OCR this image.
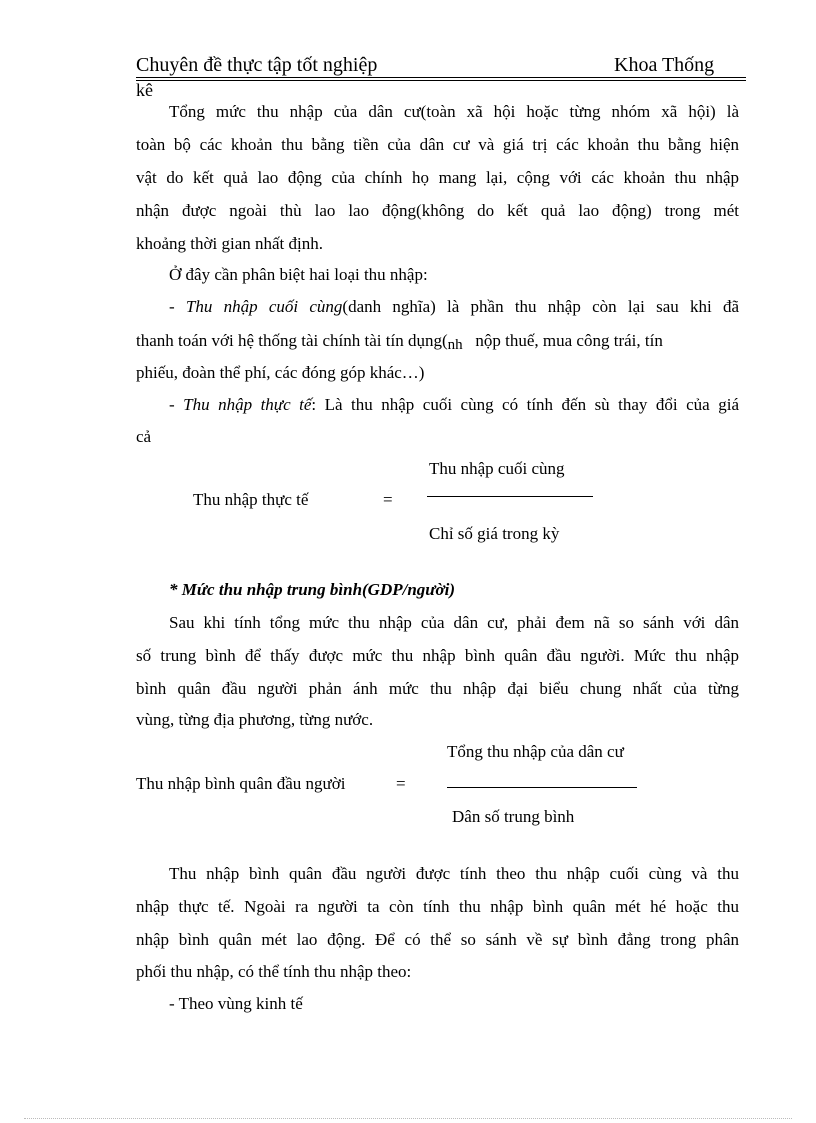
Chuyên đề thực tập tốt nghiệp	Khoa Thống
kê
Tổng mức thu nhập của dân cư(toàn xã hội hoặc từng nhóm xã hội) là
toàn bộ các khoản thu bằng tiền của dân cư và giá trị các khoản thu bằng hiện
vật do kết quả lao động của chính họ mang lại, cộng với các khoản thu nhập
nhận được ngoài thù lao lao động(không do kết quả lao động) trong mét
khoảng thời gian nhất định.
Ở đây cần phân biệt hai loại thu nhập:
- Thu nhập cuối cùng(danh nghĩa) là phần thu nhập còn lại sau khi đã
thanh toán với hệ thống tài chính tài tín dụng(nh   nộp thuế, mua công trái, tín
phiếu, đoàn thể phí, các đóng góp khác…)
- Thu nhập thực tế: Là thu nhập cuối cùng có tính đến sù thay đổi của giá
cả
Thu nhập cuối cùng
Thu nhập thực tế	=
Chỉ số giá trong kỳ
* Mức thu nhập trung bình(GDP/người)
Sau khi tính tổng mức thu nhập của dân cư, phải đem nã so sánh với dân
số trung bình để thấy được mức thu nhập bình quân đầu người. Mức thu nhập
bình quân đầu người phản ánh mức thu nhập đại biểu chung nhất của từng
vùng, từng địa phương, từng nước.
Tổng thu nhập của dân cư
Thu nhập bình quân đầu người	=
Dân số trung bình
Thu nhập bình quân đầu người được tính theo thu nhập cuối cùng và thu
nhập thực tế. Ngoài ra người ta còn tính thu nhập bình quân mét hé hoặc thu
nhập bình quân mét lao động. Để có thể so sánh về sự bình đẳng trong phân
phối thu nhập, có thể tính thu nhập theo:
- Theo vùng kinh tế
